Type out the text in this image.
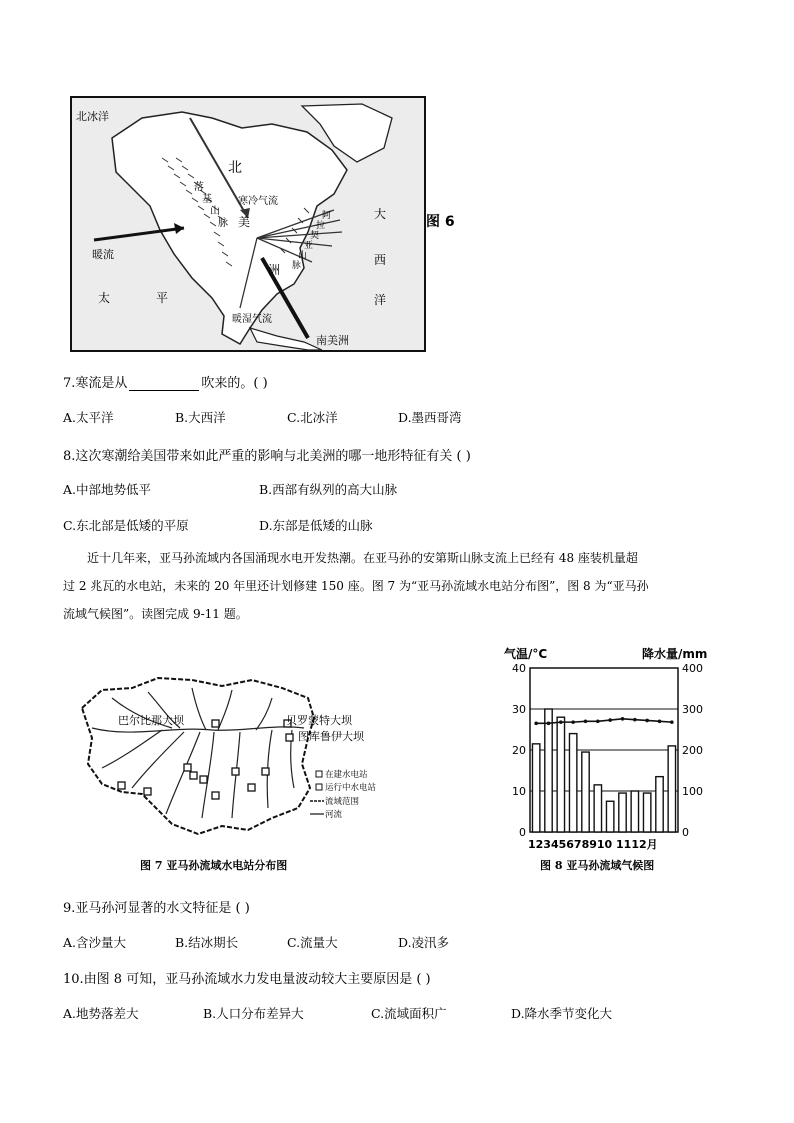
北冰洋
北
寒冷气流
美
洲
落
基
山
脉
阿
拉
契
亚
山
脉
大
西
洋
暖流
太	平
暖湿气流
南美洲
图 6
7.寒流是从	吹来的。( )
A.太平洋	B.大西洋	C.北冰洋	D.墨西哥湾
8.这次寒潮给美国带来如此严重的影响与北美洲的哪一地形特征有关 ( )
A.中部地势低平	B.西部有纵列的高大山脉
C.东北部是低矮的平原	D.东部是低矮的山脉
近十几年来，亚马孙流域内各国涌现水电开发热潮。在亚马孙的安第斯山脉支流上已经有 48 座装机量超
过 2 兆瓦的水电站，未来的 20 年里还计划修建 150 座。图 7 为“亚马孙流域水电站分布图”，图 8 为“亚马孙
流域气候图”。读图完成 9-11 题。
巴尔比那大坝	贝罗蒙特大坝
图库鲁伊大坝
在建水电站
运行中水电站
流域范围
河流
图 7 亚马孙流域水电站分布图
气温/°C	降水量/mm
0
10
20
30
40
0
100
200
300
400
12345678910 1112月
图 8 亚马孙流域气候图
9.亚马孙河显著的水文特征是 ( )
A.含沙量大	B.结冰期长	C.流量大	D.凌汛多
10.由图 8 可知，亚马孙流域水力发电量波动较大主要原因是 ( )
A.地势落差大	B.人口分布差异大	C.流域面积广	D.降水季节变化大
